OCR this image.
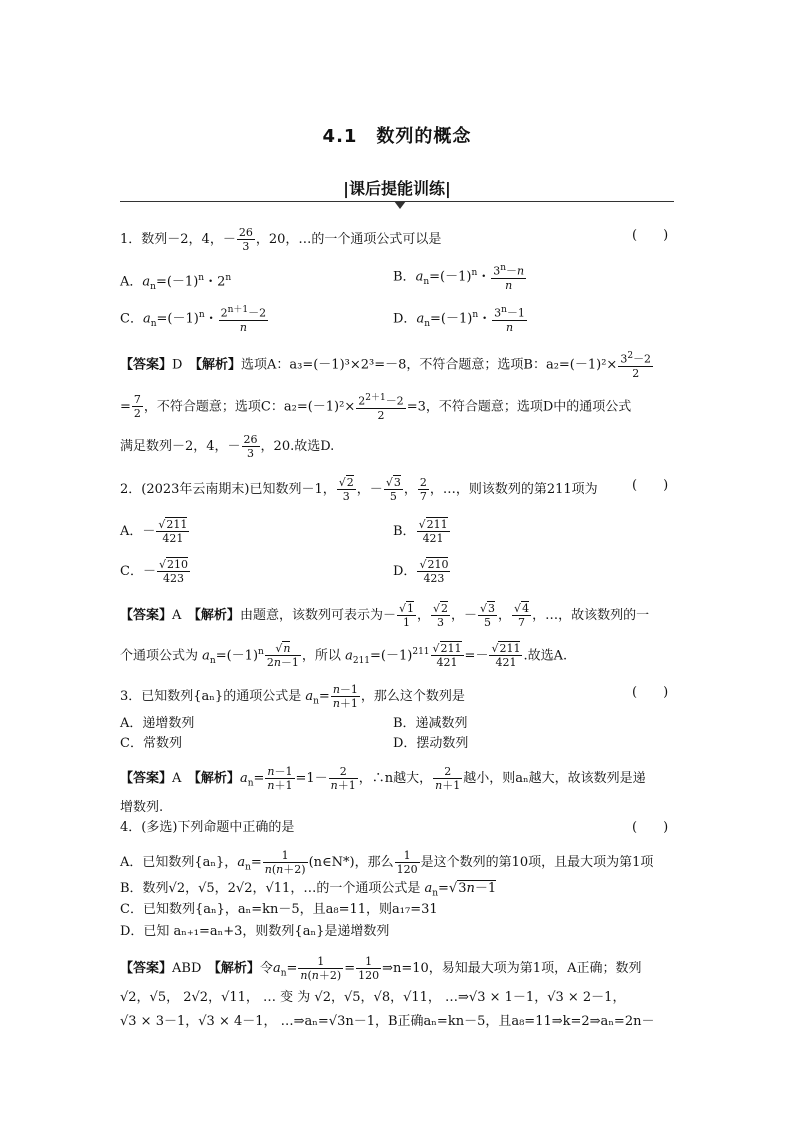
4.1　数列的概念
|课后提能训练|
1．数列－2，4，－ $\frac{26}{3}$ ，20，…的一个通项公式可以是	(　　)
A．$a_n=(-1)^n$・2$^n$	B．$a_n=(-1)^n$・ $\frac{3^n-n}{n}$
C．$a_n=(-1)^n$・ $\frac{2^{n+1}-2}{n}$	D．$a_n=(-1)^n$・ $\frac{3^n-1}{n}$
【答案】D　 【解析】选项A：a₃=(－1)³×2³=－8，不符合题意；选项B：$a_2=(-1)^2\times \frac{3^2-2}{2}$
= $\frac{7}{2}$ ，不符合题意；选项C：$a_2=(-1)^2\times \frac{2^{2+1}-2}{2} =3$，不符合题意；选项D中的通项公式
满足数列－2，4，－ $\frac{26}{3}$ ，20.故选D.
2．(2023年云南期末)已知数列－1， $\frac{√2}{3}$ ，－ $\frac{√3}{5}$ ， $\frac{2}{7}$ ，…，则该数列的第211项为	(　　)
A．－ $\frac{√211}{421}$	B． $\frac{√211}{421}$
C．－ $\frac{√210}{423}$	D． $\frac{√210}{423}$
【答案】A　 【解析】由题意，该数列可表示为－ $\frac{√1}{1}$ ， $\frac{√2}{3}$ ，－ $\frac{√3}{5}$ ， $\frac{√4}{7}$ ，…，故该数列的一
个通项公式为 $a_n=(-1)^n \frac{√n}{2n-1}$ ，所以 $a_{211}=(-1)^{211} \frac{√211}{421} =- \frac{√211}{421}$ .故选A.
3．已知数列{aₙ}的通项公式是 $a_n= \frac{n-1}{n+1}$ ，那么这个数列是	(　　)
A．递增数列	B．递减数列
C．常数列	D．摆动数列
【答案】A　 【解析】$a_n= \frac{n-1}{n+1} =1- \frac{2}{n+1}$ ，∴n越大， $\frac{2}{n+1}$ 越小，则aₙ越大，故该数列是递
增数列.
4．(多选)下列命题中正确的是	(　　)
A．已知数列{aₙ}，$a_n= \frac{1}{n(n+2)}$ (n∈N*)，那么 $\frac{1}{120}$ 是这个数列的第10项，且最大项为第1项
B．数列√2，√5，2√2，√11，…的一个通项公式是 $a_n=√3n-1$
C．已知数列{aₙ}，aₙ=kn－5，且a₈=11，则a₁₇=31
D．已知 aₙ₊₁=aₙ+3，则数列{aₙ}是递增数列
【答案】ABD　 【解析】令$a_n= \frac{1}{n(n+2)} = \frac{1}{120}$ ⇒n=10，易知最大项为第1项，A正确；数列
√2，√5， 2√2，√11， … 变 为 √2，√5，√8，√11， …⇒√3 × 1－1，√3 × 2－1，
√3 × 3－1，√3 × 4－1， …⇒aₙ=√3n－1，B正确aₙ=kn－5，且a₈=11⇒k=2⇒aₙ=2n－
